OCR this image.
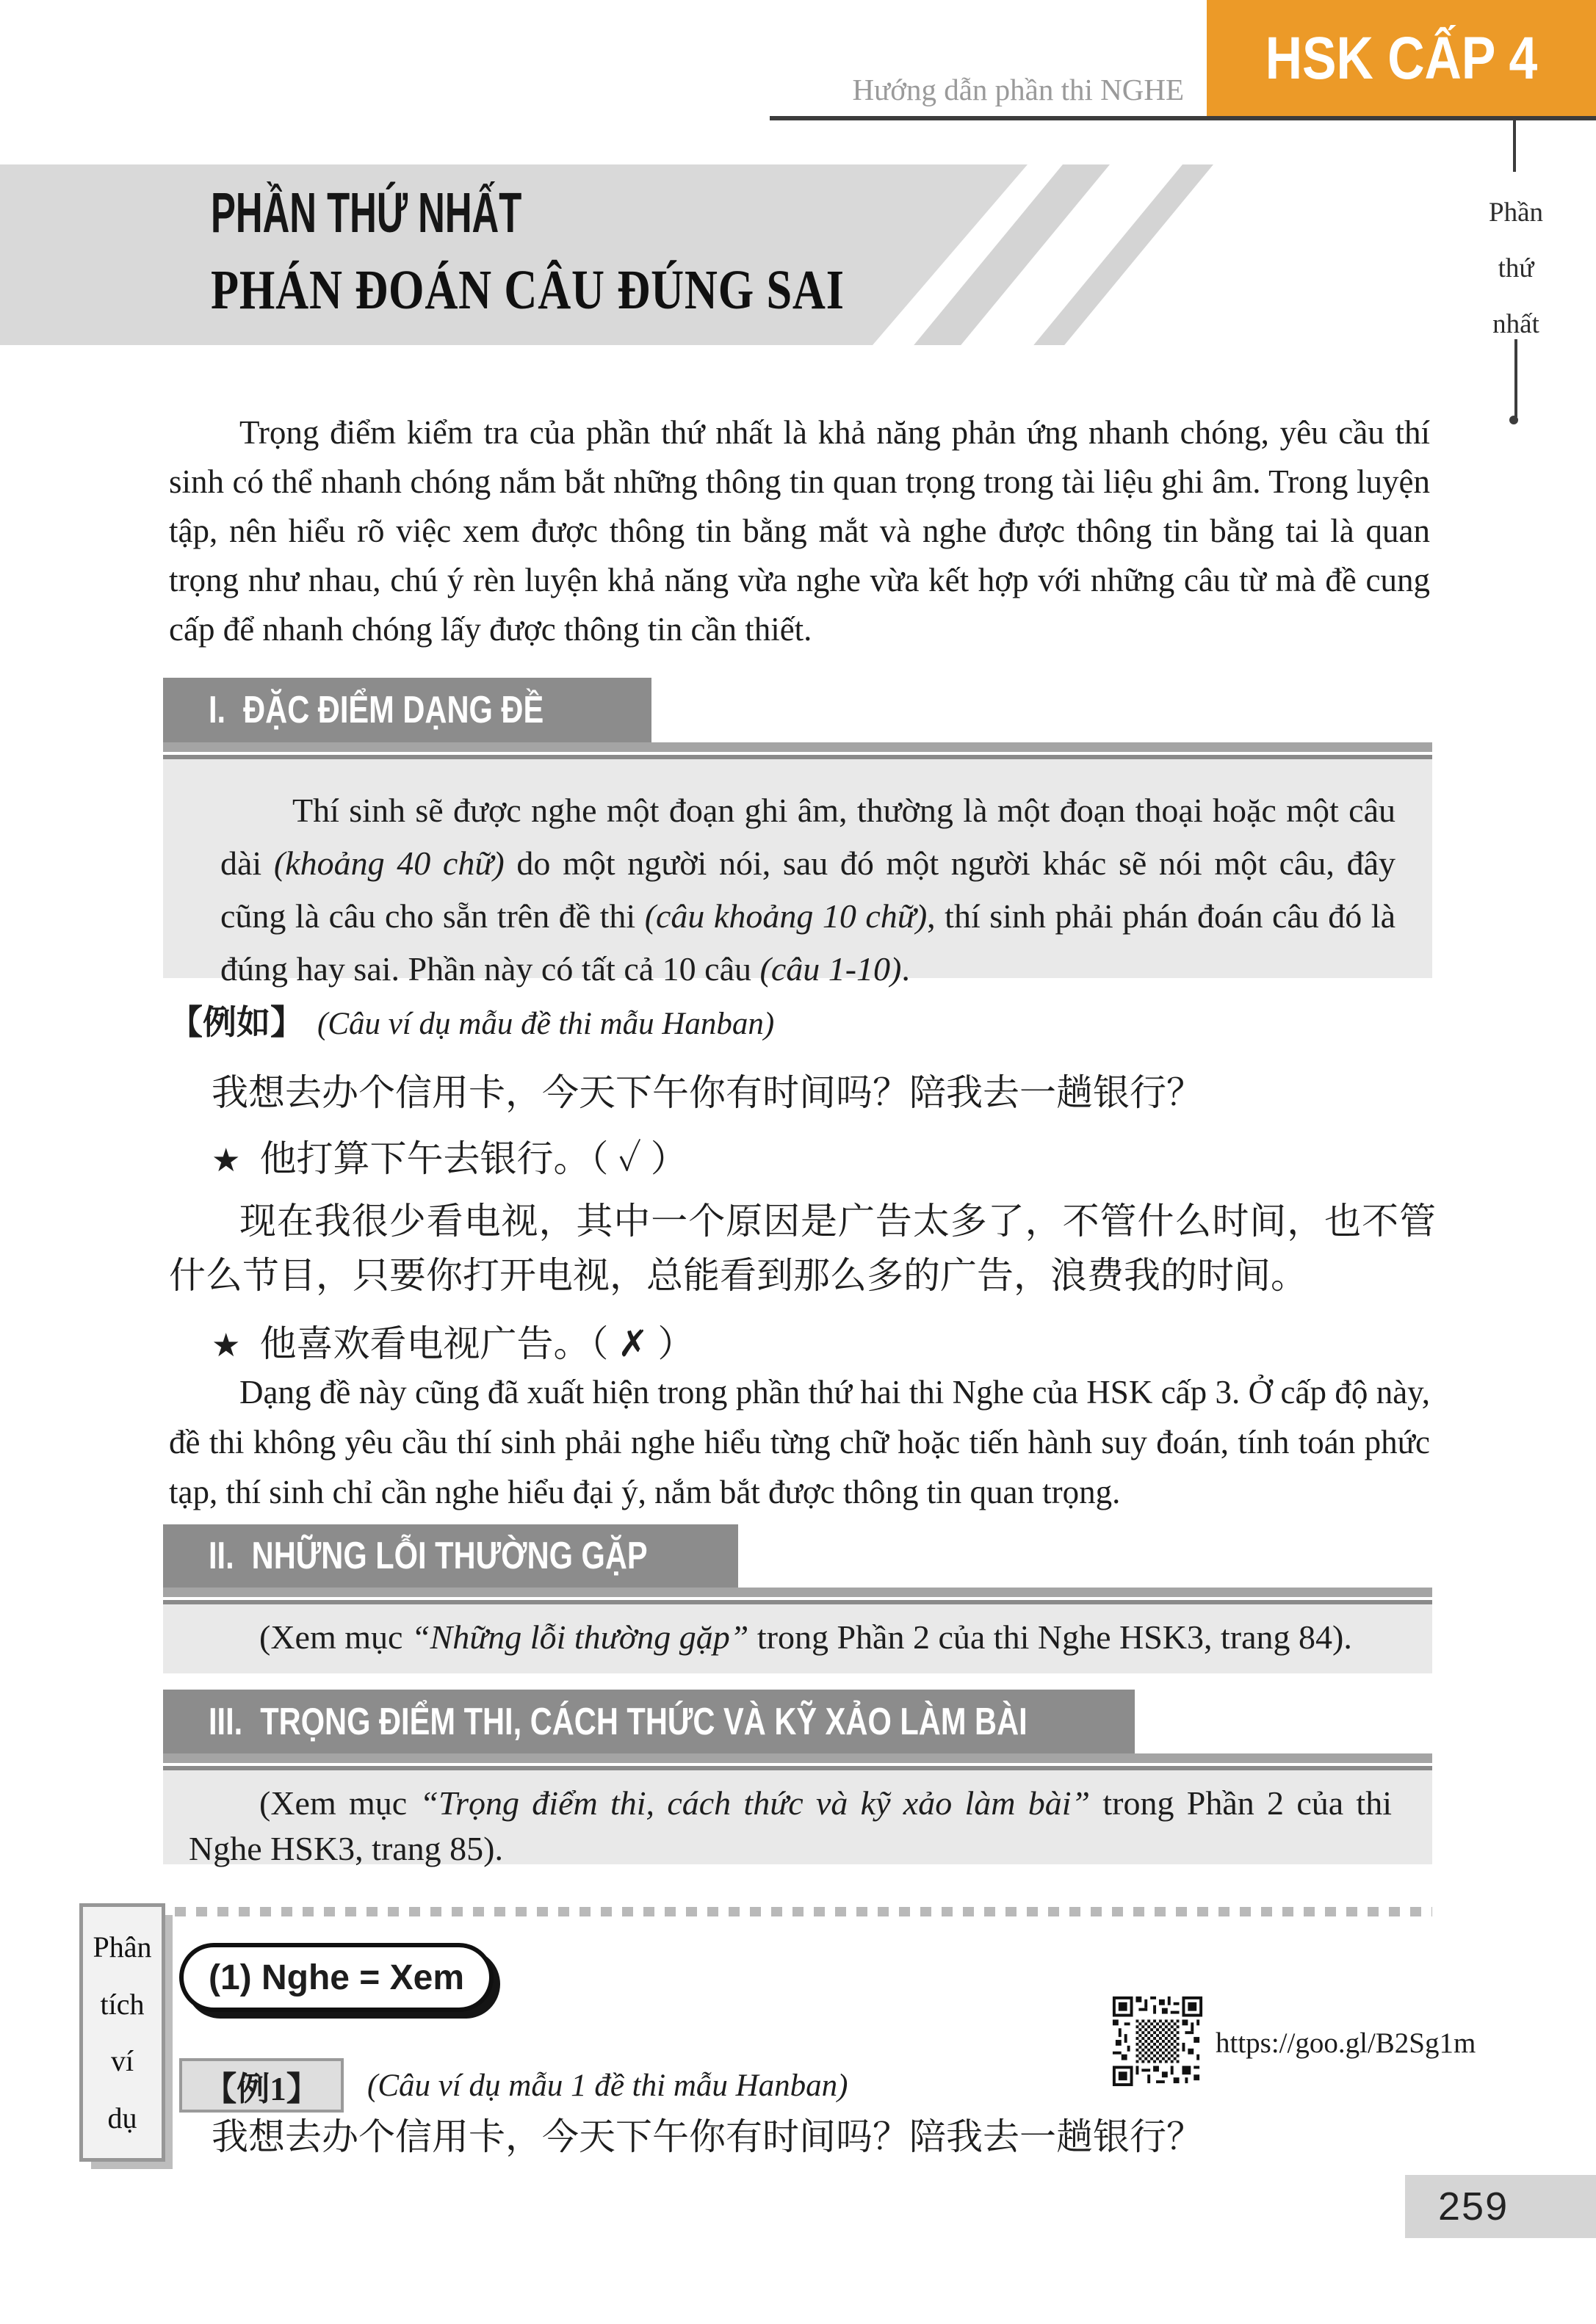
Hướng dẫn phần thi NGHE HSK CẤP 4
Phần
thứ
nhất
PHẦN THỨ NHẤT
PHÁN ĐOÁN CÂU ĐÚNG SAI
Trọng điểm kiểm tra của phần thứ nhất là khả năng phản ứng nhanh chóng, yêu cầu thí sinh có thể nhanh chóng nắm bắt những thông tin quan trọng trong tài liệu ghi âm. Trong luyện tập, nên hiểu rõ việc xem được thông tin bằng mắt và nghe được thông tin bằng tai là quan trọng như nhau, chú ý rèn luyện khả năng vừa nghe vừa kết hợp với những câu từ mà đề cung cấp để nhanh chóng lấy được thông tin cần thiết.
I. ĐẶC ĐIỂM DẠNG ĐỀ
Thí sinh sẽ được nghe một đoạn ghi âm, thường là một đoạn thoại hoặc một câu dài (khoảng 40 chữ) do một người nói, sau đó một người khác sẽ nói một câu, đây cũng là câu cho sẵn trên đề thi (câu khoảng 10 chữ), thí sinh phải phán đoán câu đó là đúng hay sai. Phần này có tất cả 10 câu (câu 1-10).
【例如】 (Câu ví dụ mẫu đề thi mẫu Hanban)
我想去办个信用卡，今天下午你有时间吗？陪我去一趟银行？
★ 他打算下午去银行。（ ✓ ）
现在我很少看电视，其中一个原因是广告太多了，不管什么时间，也不管什么节目，只要你打开电视，总能看到那么多的广告，浪费我的时间。
★ 他喜欢看电视广告。（ ✗ ）
Dạng đề này cũng đã xuất hiện trong phần thứ hai thi Nghe của HSK cấp 3. Ở cấp độ này, đề thi không yêu cầu thí sinh phải nghe hiểu từng chữ hoặc tiến hành suy đoán, tính toán phức tạp, thí sinh chỉ cần nghe hiểu đại ý, nắm bắt được thông tin quan trọng.
II. NHỮNG LỖI THƯỜNG GẶP
(Xem mục “Những lỗi thường gặp” trong Phần 2 của thi Nghe HSK3, trang 84).
III. TRỌNG ĐIỂM THI, CÁCH THỨC VÀ KỸ XẢO LÀM BÀI
(Xem mục “Trọng điểm thi, cách thức và kỹ xảo làm bài” trong Phần 2 của thi Nghe HSK3, trang 85).
Phân
tích
ví
dụ
(1) Nghe = Xem
【例1】	(Câu ví dụ mẫu 1 đề thi mẫu Hanban)
https://goo.gl/B2Sg1m
我想去办个信用卡，今天下午你有时间吗？陪我去一趟银行？
259
